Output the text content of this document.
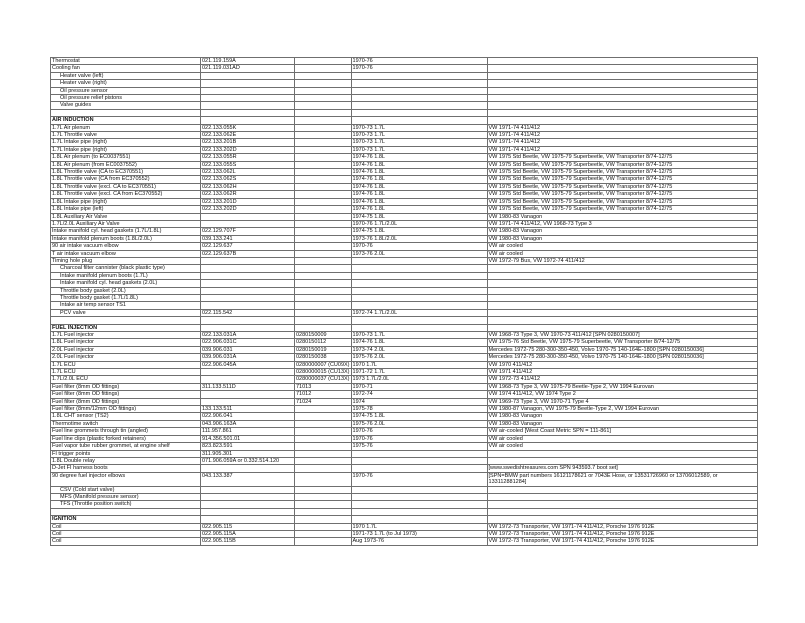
Thermostat	021.119.159A		1970-76	
Cooling fan	021.119.031AD		1970-76	
Heater valve (left)				
Heater valve (right)				
Oil pressure sensor				
Oil pressure relief pistons				
Valve guides				

AIR INDUCTION				
1.7L Air plenum	022.133.055K		1970-73 1.7L	VW 1971-74 411/412
1.7L Throttle valve	022.133.062E		1970-73 1.7L	VW 1971-74 411/412
1.7L Intake pipe (right)	022.133.201B		1970-73 1.7L	VW 1971-74 411/412
1.7L Intake pipe (right)	022.133.202D		1970-73 1.7L	VW 1971-74 411/412
1.8L Air plenum (to EC0037551)	022.133.055R		1974-76 1.8L	VW 1975 Std Beetle, VW 1975-79 Superbeetle, VW Transporter 8/74-12/75
1.8L Air plenum (from EC0037552)	022.133.055S		1974-76 1.8L	VW 1975 Std Beetle, VW 1975-79 Superbeetle, VW Transporter 8/74-12/75
1.8L Throttle valve (CA to EC370551)	022.133.062L		1974-76 1.8L	VW 1975 Std Beetle, VW 1975-79 Superbeetle, VW Transporter 8/74-12/75
1.8L Throttle valve (CA from EC370552)	022.133.062S		1974-76 1.8L	VW 1975 Std Beetle, VW 1975-79 Superbeetle, VW Transporter 8/74-12/75
1.8L Throttle valve (excl. CA to EC370551)	022.133.062H		1974-76 1.8L	VW 1975 Std Beetle, VW 1975-79 Superbeetle, VW Transporter 8/74-12/75
1.8L Throttle valve (excl. CA from EC370552)	022.133.062R		1974-76 1.8L	VW 1975 Std Beetle, VW 1975-79 Superbeetle, VW Transporter 8/74-12/75
1.8L Intake pipe (right)	022.133.201D		1974-76 1.8L	VW 1975 Std Beetle, VW 1975-79 Superbeetle, VW Transporter 8/74-12/75
1.8L Intake pipe (left)	022.133.202D		1974-76 1.8L	VW 1975 Std Beetle, VW 1975-79 Superbeetle, VW Transporter 8/74-12/75
1.8L Auxiliary Air Valve			1974-75 1.8L	VW 1980-83 Vanagon
1.7L/2.0L Auxiliary Air Valve			1970-76 1.7L/2.0L	VW 1971-74 411/412, VW 1968-73 Type 3
Intake manifold cyl. head gaskets (1.7L/1.8L)	022.129.707F		1974-75 1.8L	VW 1980-83 Vanagon
Intake manifold plenum boots (1.8L/2.0L)	039.133.241		1973-76 1.8L/2.0L	VW 1980-83 Vanagon
90 air intake vacuum elbow	022.129.637		1970-76	VW air cooled
T air intake vacuum elbow	022.129.637B		1973-76 2.0L	VW air cooled
Timing hole plug				VW 1972-79 Bus, VW 1972-74 411/412
Charcoal filter cannister (black plastic type)				
Intake manifold plenum boots (1.7L)				
Intake manifold cyl. head gaskets (2.0L)				
Throttle body gasket (2.0L)				
Throttle body gasket (1.7L/1.8L)				
Intake air temp sensor TS1				
PCV valve	022.115.542		1972-74 1.7L/2.0L	

FUEL INJECTION				
1.7L Fuel injector	022.133.031A	0280150009	1970-73 1.7L	VW 1968-73 Type 3, VW 1970-73 411/412 [SPN 0280150007]
1.8L Fuel injector	022.906.031C	0280150112	1974-76 1.8L	VW 1975-76 Std Beetle, VW 1975-79 Superbeetle, VW Transporter 8/74-12/75
2.0L Fuel injector	039.906.031	0280150019	1973-74 2.0L	Mercedes 1972-75 280-300-350-450, Volvo 1970-75 140-164E-1800 [SPN 0280150036]
2.0L Fuel injector	039.906.031A	0280150038	1975-76 2.0L	Mercedes 1972-75 280-300-350-450, Volvo 1970-75 140-164E-1800 [SPN 0280150036]
1.7L ECU	022.906.045A	0280000007 (CU09X)	1970 1.7L	VW 1970 411/412
1.7L ECU		0280000015 (CU13X)	1971-72 1.7L	VW 1971 411/412
1.7L/2.0L ECU		0280000037 (CU13X)	1973 1.7L/2.0L	VW 1972-73 411/412
Fuel filter (8mm OD fittings)	311.133.511D	71013	1970-71	VW 1968-73 Type 3, VW 1975-79 Beetle-Type 2, VW 1994 Eurovan
Fuel filter (8mm OD fittings)		71012	1972-74	VW 1974 411/412, VW 1974 Type 2
Fuel filter (8mm OD fittings)		71024	1974	VW 1969-73 Type 3, VW 1970-71 Type 4
Fuel filter (8mm/12mm OD fittings)	133.133.511		1975-78	VW 1980-87 Vanagon, VW 1975-79 Beetle-Type 2, VW 1994 Eurovan
1.8L CHT sensor (TS2)	022.906.041		1974-75 1.8L	VW 1980-83 Vanagon
Thermotime switch	043.906.163A		1975-76 2.0L	VW 1980-83 Vanagon
Fuel line grommets through tin (angled)	111.957.861		1970-76	VW air-cooled [West Coast Metric SPN = 111-861]
Fuel line clips (plastic forked retainers)	914.356.501.01		1970-76	VW air cooled
Fuel vapor tube rubber grommet, at engine shelf	823.823.591		1975-76	VW air cooled
FI trigger points	311.905.301			
1.8L Double relay	071.906.059A or 0.332.514.120			
D-Jet FI harness boots				[www.swedishtreasures.com SPN 943593.7 boot set]
90 degree fuel injector elbows	043.133.387		1970-76	[SPN=BMW part numbers 16121178621 or 7043E Hose, or 13531726960 or 13706012589, or 133112881284]
CSV (Cold start valve)				
MFS (Manifold pressure sensor)				
TFS (Throttle position switch)				

IGNITION				
Coil	022.905.115		1970 1.7L	VW 1972-73 Transporter, VW 1971-74 411/412, Porsche 1976 912E
Coil	022.905.115A		1971-73 1.7L (to Jul 1973)	VW 1972-73 Transporter, VW 1971-74 411/412, Porsche 1976 912E
Coil	022.905.115B		Aug 1973-76	VW 1972-73 Transporter, VW 1971-74 411/412, Porsche 1976 912E
